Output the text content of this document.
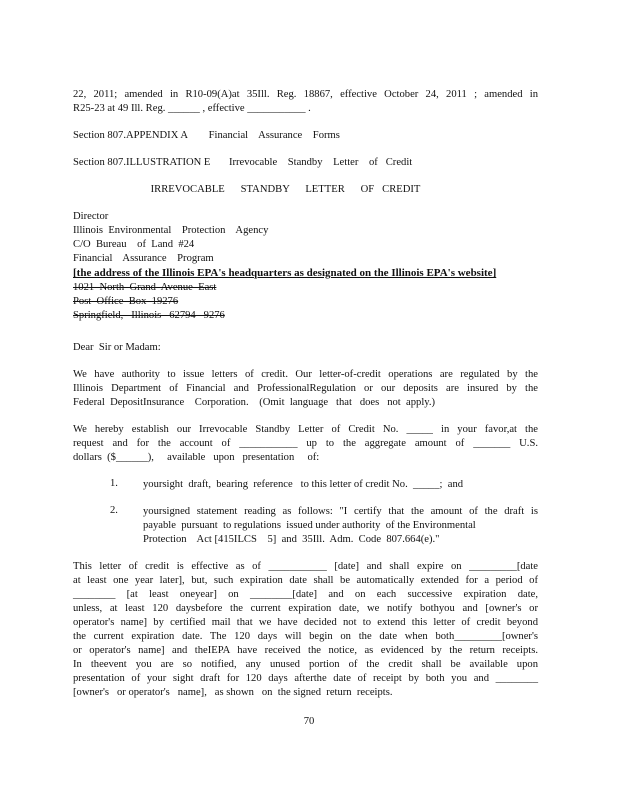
22, 2011; amended in R10-09(A)at 35Ill. Reg. 18867, effective October 24, 2011 ; amended in
R25-23 at 49 Ill. Reg. ______ , effective ___________ .
Section 807.APPENDIX A        Financial    Assurance    Forms
Section 807.ILLUSTRATION E       Irrevocable    Standby    Letter    of   Credit
IRREVOCABLE      STANDBY      LETTER      OF   CREDIT
Director
Illinois  Environmental    Protection    Agency
C/O  Bureau    of  Land  #24
Financial    Assurance    Program
[the address of the Illinois EPA's headquarters as designated on the Illinois EPA's website]
1021  North  Grand  Avenue  East
Post  Office  Box  19276
Springfield,   Illinois   62794   9276
Dear  Sir or Madam:
We have authority to issue letters of credit. Our letter-of-credit operations are regulated by the
Illinois Department of Financial and ProfessionalRegulation or our deposits are insured by the
Federal  DepositInsurance    Corporation.    (Omit  language   that   does   not  apply.)
We hereby establish our Irrevocable Standby Letter of Credit No. _____ in your favor,at the
request and for the account of ___________ up to the aggregate amount of _______ U.S.
dollars  ($______),     available   upon   presentation     of:
1. yoursight  draft,  bearing  reference   to this letter of credit No.  _____;  and
2. yoursigned statement reading as follows: "I certify that the amount of the draft is
payable  pursuant  to regulations  issued under authority  of the Environmental
Protection    Act [415ILCS    5]  and  35Ill.  Adm.  Code  807.664(e)."
This letter of credit is effective as of ___________ [date] and shall expire on _________[date
at least one year later], but, such expiration date shall be automatically extended for a period of
________ [at least oneyear] on ________[date] and on each successive expiration date,
unless, at least 120 daysbefore the current expiration date, we notify bothyou and [owner's or
operator's name] by certified mail that we have decided not to extend this letter of credit beyond
the current expiration date. The 120 days will begin on the date when both_________[owner's
or operator's name] and theIEPA have received the notice, as evidenced by the return receipts.
In theevent you are so notified, any unused portion of the credit shall be available upon
presentation of your sight draft for 120 days afterthe date of receipt by both you and ________
[owner's   or operator's   name],   as shown   on  the signed  return  receipts.
70
